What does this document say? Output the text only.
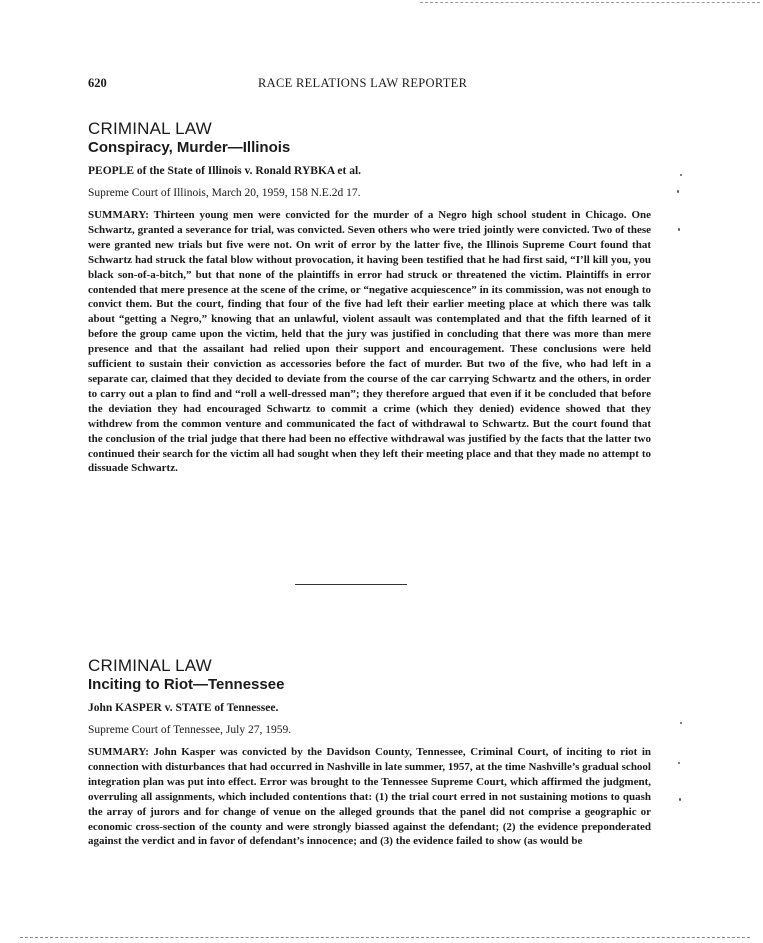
620	RACE RELATIONS LAW REPORTER
CRIMINAL LAW
Conspiracy, Murder—Illinois
PEOPLE of the State of Illinois v. Ronald RYBKA et al.
Supreme Court of Illinois, March 20, 1959, 158 N.E.2d 17.
SUMMARY: Thirteen young men were convicted for the murder of a Negro high school student in Chicago. One Schwartz, granted a severance for trial, was convicted. Seven others who were tried jointly were convicted. Two of these were granted new trials but five were not. On writ of error by the latter five, the Illinois Supreme Court found that Schwartz had struck the fatal blow without provocation, it having been testified that he had first said, “I’ll kill you, you black son-of-a-bitch,” but that none of the plaintiffs in error had struck or threatened the victim. Plaintiffs in error contended that mere presence at the scene of the crime, or “negative acquiescence” in its commission, was not enough to convict them. But the court, finding that four of the five had left their earlier meeting place at which there was talk about “getting a Negro,” knowing that an unlawful, violent assault was contemplated and that the fifth learned of it before the group came upon the victim, held that the jury was justified in concluding that there was more than mere presence and that the assailant had relied upon their support and encouragement. These conclusions were held sufficient to sustain their conviction as accessories before the fact of murder. But two of the five, who had left in a separate car, claimed that they decided to deviate from the course of the car carrying Schwartz and the others, in order to carry out a plan to find and “roll a well-dressed man”; they therefore argued that even if it be concluded that before the deviation they had encouraged Schwartz to commit a crime (which they denied) evidence showed that they withdrew from the common venture and communicated the fact of withdrawal to Schwartz. But the court found that the conclusion of the trial judge that there had been no effective withdrawal was justified by the facts that the latter two continued their search for the victim all had sought when they left their meeting place and that they made no attempt to dissuade Schwartz.
CRIMINAL LAW
Inciting to Riot—Tennessee
John KASPER v. STATE of Tennessee.
Supreme Court of Tennessee, July 27, 1959.
SUMMARY: John Kasper was convicted by the Davidson County, Tennessee, Criminal Court, of inciting to riot in connection with disturbances that had occurred in Nashville in late summer, 1957, at the time Nashville’s gradual school integration plan was put into effect. Error was brought to the Tennessee Supreme Court, which affirmed the judgment, overruling all assignments, which included contentions that: (1) the trial court erred in not sustaining motions to quash the array of jurors and for change of venue on the alleged grounds that the panel did not comprise a geographic or economic cross-section of the county and were strongly biassed against the defendant; (2) the evidence preponderated against the verdict and in favor of defendant’s innocence; and (3) the evidence failed to show (as would be
